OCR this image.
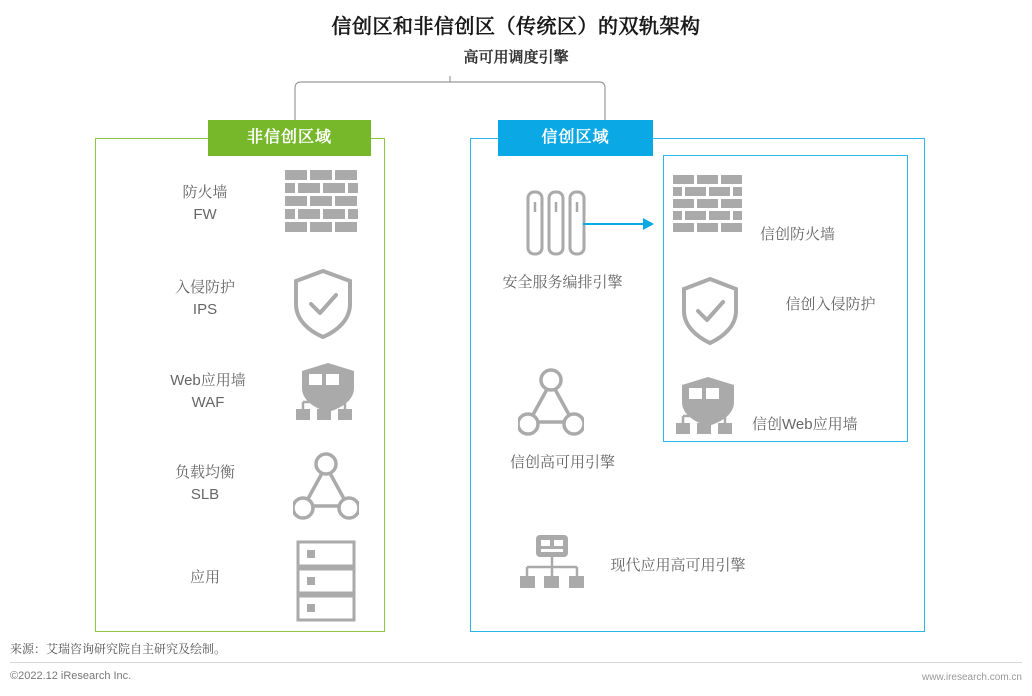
信创区和非信创区（传统区）的双轨架构
高可用调度引擎
非信创区域
防火墙
FW
入侵防护
IPS
Web应用墙
WAF
负载均衡
SLB
应用
信创区域
安全服务编排引擎
信创高可用引擎
现代应用高可用引擎
信创防火墙
信创入侵防护
信创Web应用墙
来源：艾瑞咨询研究院自主研究及绘制。
©2022.12 iResearch Inc.	www.iresearch.com.cn
